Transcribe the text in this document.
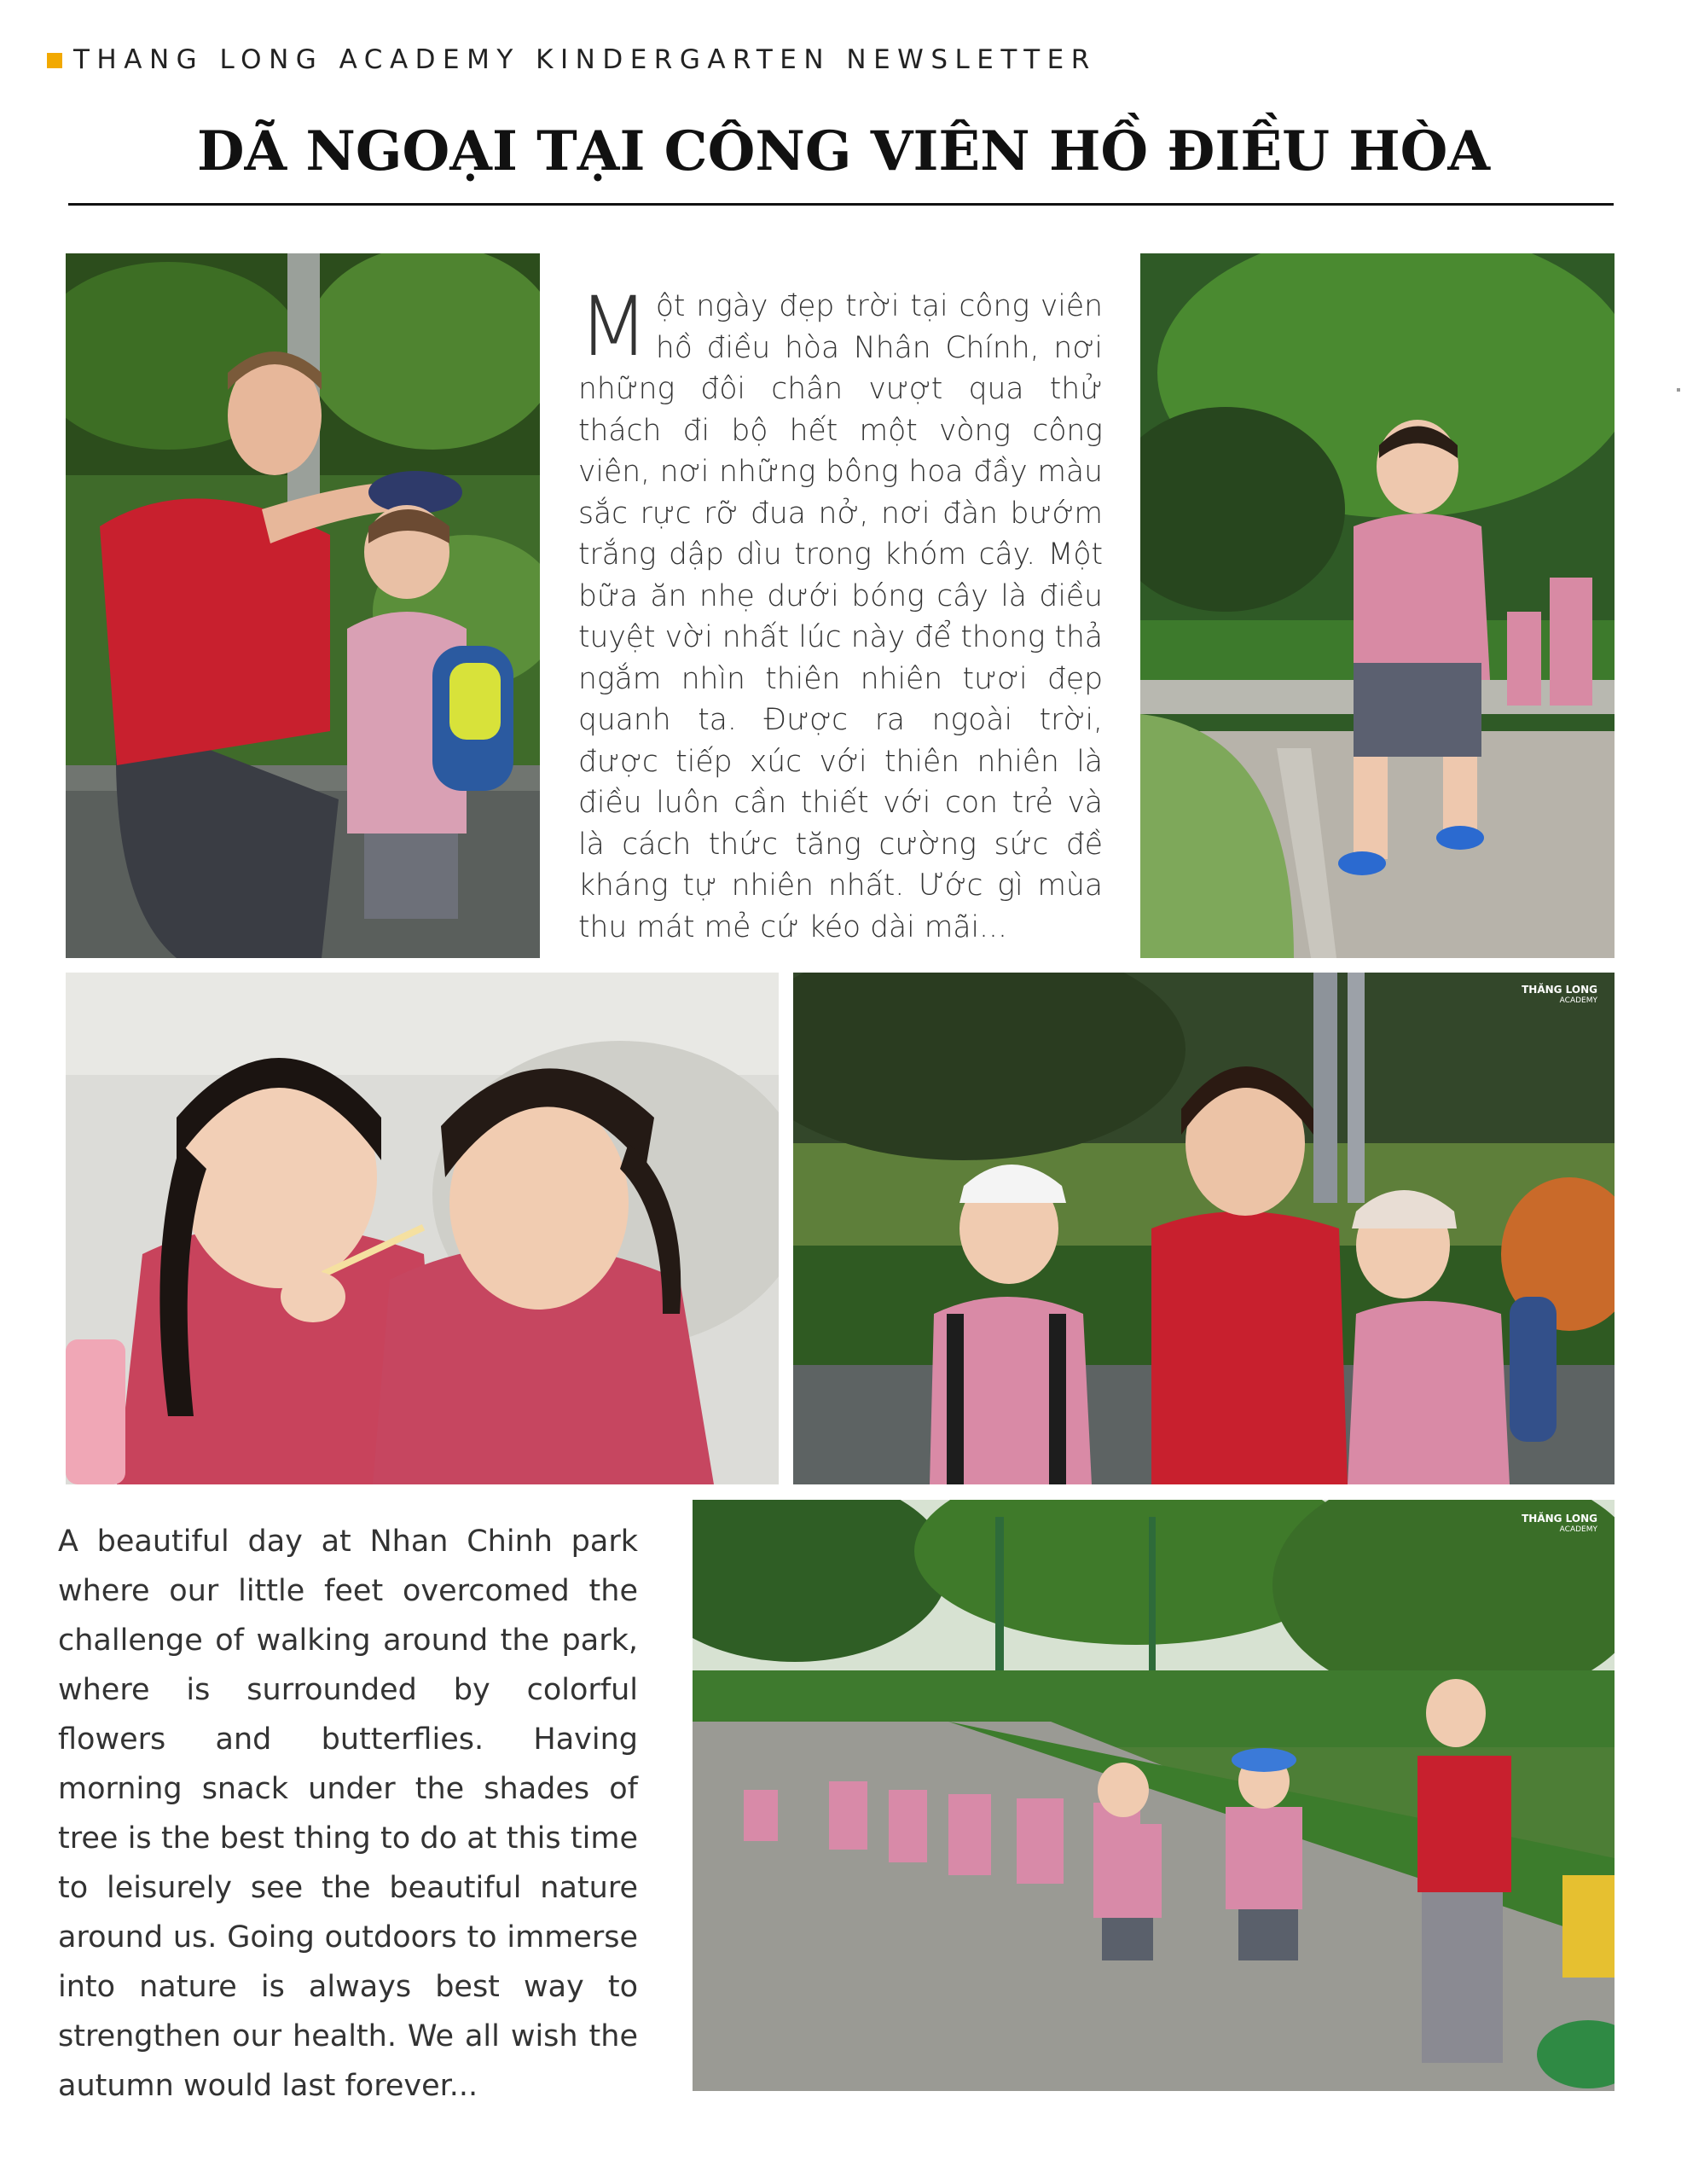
THANG LONG ACADEMY KINDERGARTEN NEWSLETTER
DÃ NGOẠI TẠI CÔNG VIÊN HỒ ĐIỀU HÒA
Một ngày đẹp trời tại công viên hồ điều hòa Nhân Chính, nơi những đôi chân vượt qua thử thách đi bộ hết một vòng công viên, nơi những bông hoa đầy màu sắc rực rỡ đua nở, nơi đàn bướm trắng dập dìu trong khóm cây. Một bữa ăn nhẹ dưới bóng cây là điều tuyệt vời nhất lúc này để thong thả ngắm nhìn thiên nhiên tươi đẹp quanh ta. Được ra ngoài trời, được tiếp xúc với thiên nhiên là điều luôn cần thiết với con trẻ và là cách thức tăng cường sức đề kháng tự nhiên nhất. Ước gì mùa thu mát mẻ cứ kéo dài mãi...
THĂNG LONG
ACADEMY
A beautiful day at Nhan Chinh park where our little feet overcomed the challenge of walking around the park, where is surrounded by colorful flowers and butterflies. Having morning snack under the shades of tree is the best thing to do at this time to leisurely see the beautiful nature around us. Going outdoors to immerse into nature is always best way to strengthen our health. We all wish the autumn would last forever...
THĂNG LONG
ACADEMY
